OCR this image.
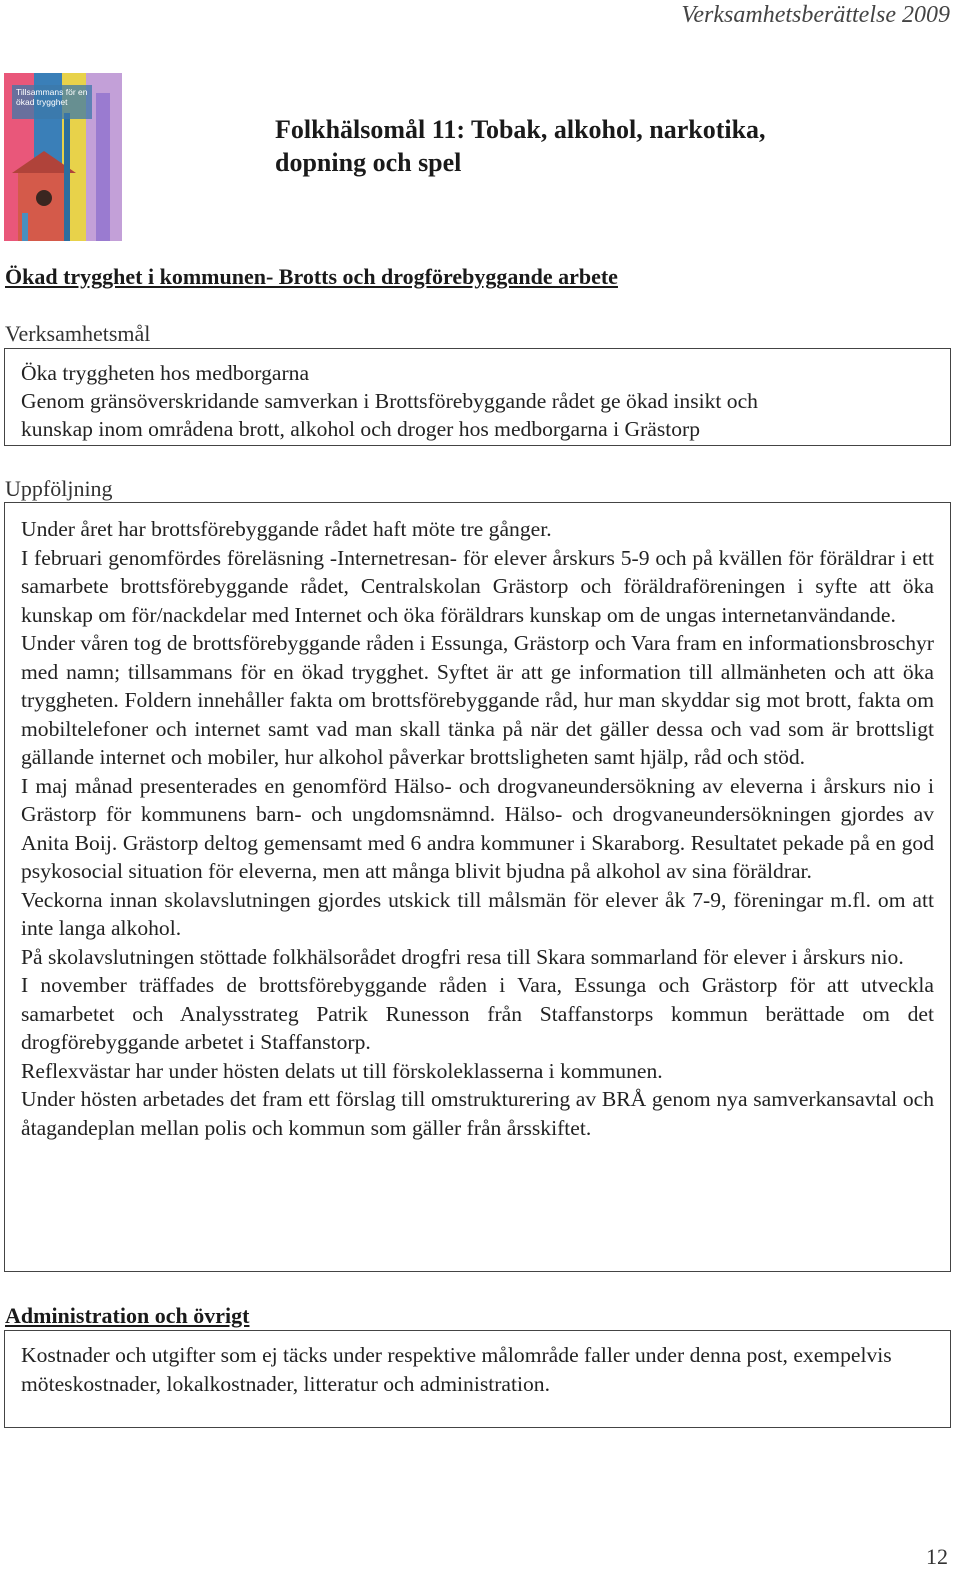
Verksamhetsberättelse 2009
Tillsammans för en ökad trygghet
Folkhälsomål 11: Tobak, alkohol, narkotika,
dopning och spel
Ökad trygghet i kommunen- Brotts och drogförebyggande arbete
Verksamhetsmål

Öka tryggheten hos medborgarna

Genom gränsöverskridande samverkan i Brottsförebyggande rådet ge ökad insikt och

kunskap inom områdena brott, alkohol och droger hos medborgarna i Grästorp

Uppföljning

Under året har brottsförebyggande rådet haft möte tre gånger.

I februari genomfördes föreläsning -Internetresan- för elever årskurs 5-9 och på kvällen för föräldrar i ett samarbete brottsförebyggande rådet, Centralskolan Grästorp och föräldraföreningen i syfte att öka kunskap om för/nackdelar med Internet och öka föräldrars kunskap om de ungas internetanvändande.

Under våren tog de brottsförebyggande råden i Essunga, Grästorp och Vara fram en informationsbroschyr med namn; tillsammans för en ökad trygghet. Syftet är att ge information till allmänheten och att öka tryggheten. Foldern innehåller fakta om brottsförebyggande råd, hur man skyddar sig mot brott, fakta om mobiltelefoner och internet samt vad man skall tänka på när det gäller dessa och vad som är brottsligt gällande internet och mobiler, hur alkohol påverkar brottsligheten samt hjälp, råd och stöd.

I maj månad presenterades en genomförd Hälso- och drogvaneundersökning av eleverna i årskurs nio i Grästorp för kommunens barn- och ungdomsnämnd. Hälso- och drogvaneundersökningen gjordes av Anita Boij. Grästorp deltog gemensamt med 6 andra kommuner i Skaraborg. Resultatet pekade på en god psykosocial situation för eleverna, men att många blivit bjudna på alkohol av sina föräldrar.

Veckorna innan skolavslutningen gjordes utskick till målsmän för elever åk 7-9, föreningar m.fl. om att inte langa alkohol.

På skolavslutningen stöttade folkhälsorådet drogfri resa till Skara sommarland för elever i årskurs nio.

I november träffades de brottsförebyggande råden i Vara, Essunga och Grästorp för att utveckla samarbetet och Analysstrateg Patrik Runesson från Staffanstorps kommun berättade om det drogförebyggande arbetet i Staffanstorp.

Reflexvästar har under hösten delats ut till förskoleklasserna i kommunen.

Under hösten arbetades det fram ett förslag till omstrukturering av BRÅ genom nya samverkansavtal och åtagandeplan mellan polis och kommun som gäller från årsskiftet.

Administration och övrigt

Kostnader och utgifter som ej täcks under respektive målområde faller under denna post, exempelvis möteskostnader, lokalkostnader, litteratur och administration.

12
